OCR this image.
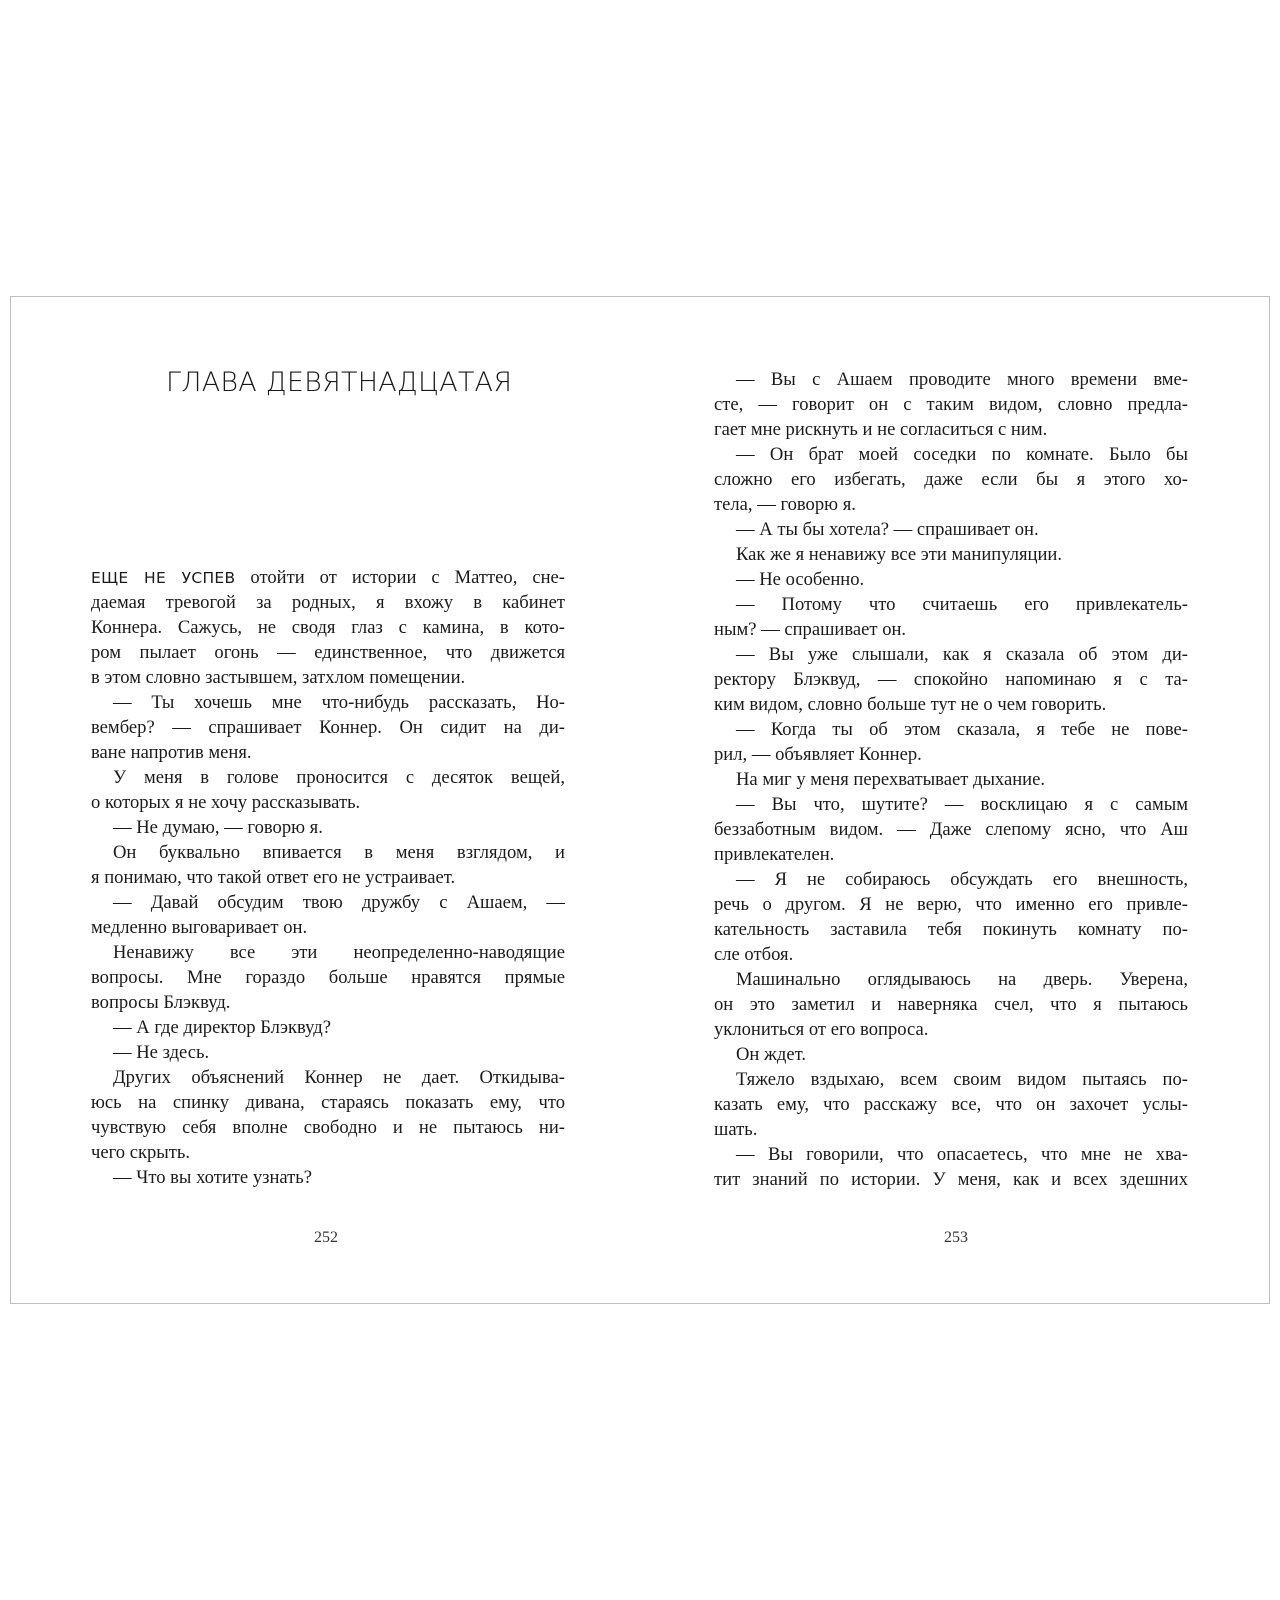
ГЛАВА ДЕВЯТНАДЦАТАЯ
ЕЩЕ НЕ УСПЕВ отойти от истории с Маттео, сне-
даемая тревогой за родных, я вхожу в кабинет
Коннера. Сажусь, не сводя глаз с камина, в кото-
ром пылает огонь — единственное, что движется
в этом словно застывшем, затхлом помещении.
— Ты хочешь мне что-нибудь рассказать, Но-
вембер? — спрашивает Коннер. Он сидит на ди-
ване напротив меня.
У меня в голове проносится с десяток вещей,
о которых я не хочу рассказывать.
— Не думаю, — говорю я.
Он буквально впивается в меня взглядом, и
я понимаю, что такой ответ его не устраивает.
— Давай обсудим твою дружбу с Ашаем, —
медленно выговаривает он.
Ненавижу все эти неопределенно-наводящие
вопросы. Мне гораздо больше нравятся прямые
вопросы Блэквуд.
— А где директор Блэквуд?
— Не здесь.
Других объяснений Коннер не дает. Откидыва-
юсь на спинку дивана, стараясь показать ему, что
чувствую себя вполне свободно и не пытаюсь ни-
чего скрыть.
— Что вы хотите узнать?
252
— Вы с Ашаем проводите много времени вме-
сте, — говорит он с таким видом, словно предла-
гает мне рискнуть и не согласиться с ним.
— Он брат моей соседки по комнате. Было бы
сложно его избегать, даже если бы я этого хо-
тела, — говорю я.
— А ты бы хотела? — спрашивает он.
Как же я ненавижу все эти манипуляции.
— Не особенно.
— Потому что считаешь его привлекатель-
ным? — спрашивает он.
— Вы уже слышали, как я сказала об этом ди-
ректору Блэквуд, — спокойно напоминаю я с та-
ким видом, словно больше тут не о чем говорить.
— Когда ты об этом сказала, я тебе не пове-
рил, — объявляет Коннер.
На миг у меня перехватывает дыхание.
— Вы что, шутите? — восклицаю я с самым
беззаботным видом. — Даже слепому ясно, что Аш
привлекателен.
— Я не собираюсь обсуждать его внешность,
речь о другом. Я не верю, что именно его привле-
кательность заставила тебя покинуть комнату по-
сле отбоя.
Машинально оглядываюсь на дверь. Уверена,
он это заметил и наверняка счел, что я пытаюсь
уклониться от его вопроса.
Он ждет.
Тяжело вздыхаю, всем своим видом пытаясь по-
казать ему, что расскажу все, что он захочет услы-
шать.
— Вы говорили, что опасаетесь, что мне не хва-
тит знаний по истории. У меня, как и всех здешних
253
